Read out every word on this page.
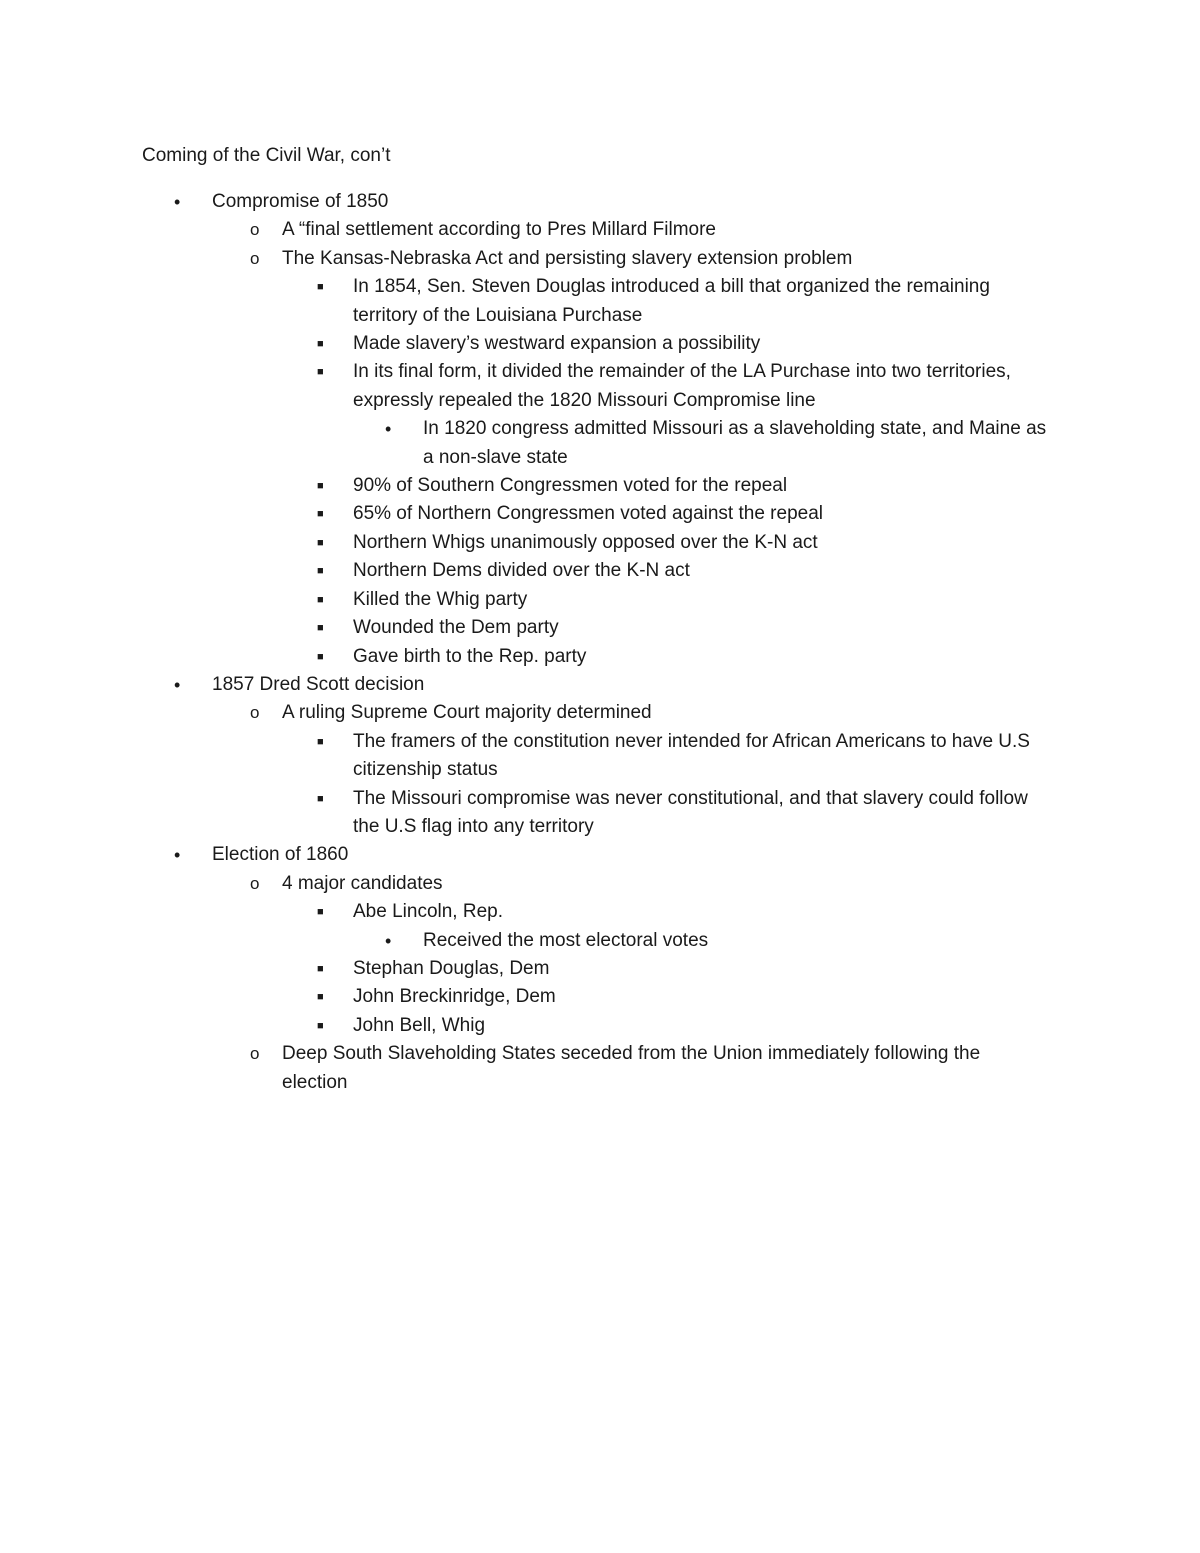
Coming of the Civil War, con’t
•
Compromise of 1850
o
A “final settlement according to Pres Millard Filmore
o
The Kansas-Nebraska Act and persisting slavery extension problem
■
In 1854, Sen. Steven Douglas introduced a bill that organized the remaining territory of the Louisiana Purchase
■
Made slavery’s westward expansion a possibility
■
In its final form, it divided the remainder of the LA Purchase into two territories, expressly repealed the 1820 Missouri Compromise line
•
In 1820 congress admitted Missouri as a slaveholding state, and Maine as a non-slave state
■
90% of Southern Congressmen voted for the repeal
■
65% of Northern Congressmen voted against the repeal
■
Northern Whigs unanimously opposed over the K-N act
■
Northern Dems divided over the K-N act
■
Killed the Whig party
■
Wounded the Dem party
■
Gave birth to the Rep. party
•
1857 Dred Scott decision
o
A ruling Supreme Court majority determined
■
The framers of the constitution never intended for African Americans to have U.S citizenship status
■
The Missouri compromise was never constitutional, and that slavery could follow the U.S flag into any territory
•
Election of 1860
o
4 major candidates
■
Abe Lincoln, Rep.
•
Received the most electoral votes
■
Stephan Douglas, Dem
■
John Breckinridge, Dem
■
John Bell, Whig
o
Deep South Slaveholding States seceded from the Union immediately following the election
